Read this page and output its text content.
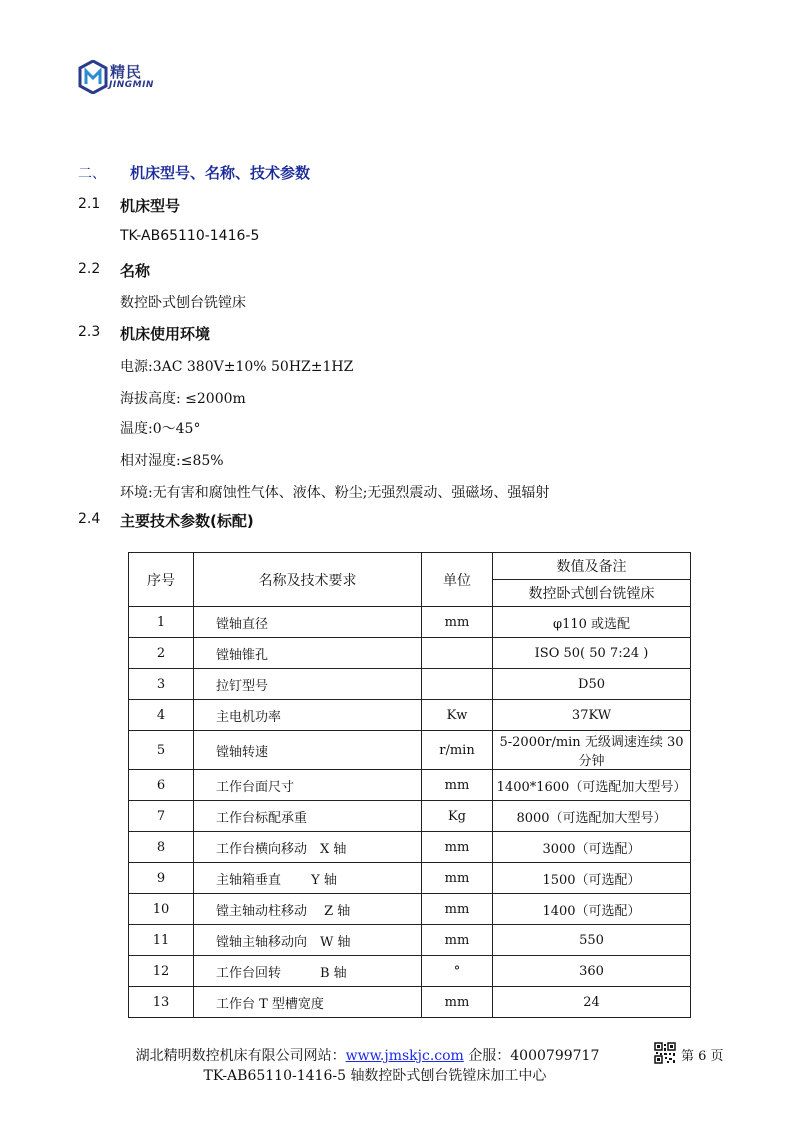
精民
JINGMIN
二、 机床型号、名称、技术参数
2.1 机床型号
TK-AB65110-1416-5
2.2 名称
数控卧式刨台铣镗床
2.3 机床使用环境
电源:3AC 380V±10% 50HZ±1HZ
海拔高度: ≤2000m
温度:0～45°
相对湿度:≤85%
环境:无有害和腐蚀性气体、液体、粉尘;无强烈震动、强磁场、强辐射
2.4 主要技术参数(标配)
序号	名称及技术要求	单位	数值及备注
			数控卧式刨台铣镗床
1	镗轴直径	mm	φ110 或选配
2	镗轴锥孔		ISO 50( 50 7:24 )
3	拉钉型号		D50
4	主电机功率	Kw	37KW
5	镗轴转速	r/min	5-2000r/min 无级调速连续 30 分钟
6	工作台面尺寸	mm	1400*1600（可选配加大型号）
7	工作台标配承重	Kg	8000（可选配加大型号）
8	工作台横向移动　X 轴	mm	3000（可选配）
9	主轴箱垂直　　 Y 轴	mm	1500（可选配）
10	镗主轴动柱移动　 Z 轴	mm	1400（可选配）
11	镗轴主轴移动向　W 轴	mm	550
12	工作台回转　　　B 轴	°	360
13	工作台 T 型槽宽度	mm	24
湖北精明数控机床有限公司网站：www.jmskjc.com 企服：4000799717	第 6 页
TK-AB65110-1416-5 轴数控卧式刨台铣镗床加工中心
